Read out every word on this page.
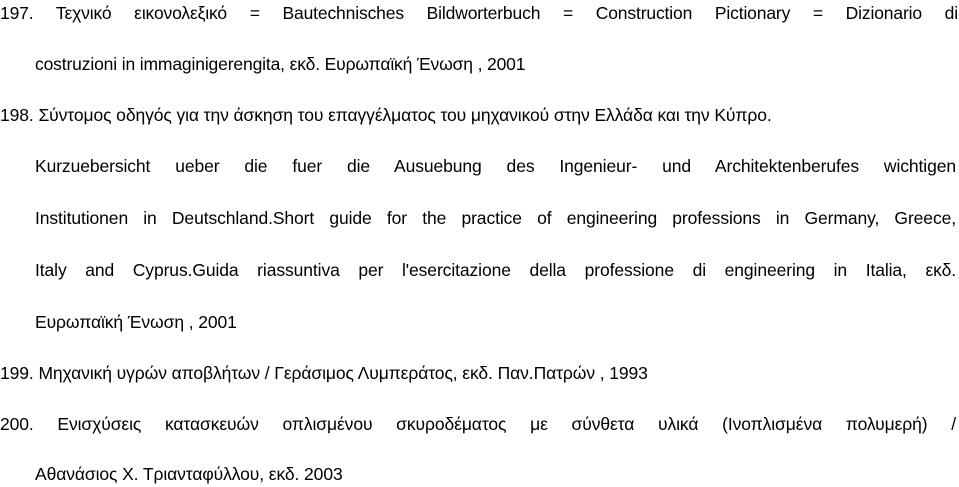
197. Τεχνικό εικονολεξικό = Bautechnisches Bildworterbuch = Construction Pictionary = Dizionario di

costruzioni in immaginigerengita, εκδ. Ευρωπαϊκή Ένωση , 2001

198. Σύντομος οδηγός για την άσκηση του επαγγέλματος του μηχανικού στην Ελλάδα και την Κύπρο.

Kurzuebersicht ueber die fuer die Ausuebung des Ingenieur- und Architektenberufes wichtigen

Institutionen in Deutschland.Short guide for the practice of engineering professions in Germany, Greece,

Italy and Cyprus.Guida riassuntiva per l'esercitazione della professione di engineering in Italia, εκδ.

Ευρωπαϊκή Ένωση , 2001

199. Μηχανική υγρών αποβλήτων / Γεράσιμος Λυμπεράτος, εκδ. Παν.Πατρών , 1993

200. Ενισχύσεις κατασκευών οπλισμένου σκυροδέματος με σύνθετα υλικά (Ινοπλισμένα πολυμερή) /

Αθανάσιος Χ. Τριανταφύλλου, εκδ. 2003
